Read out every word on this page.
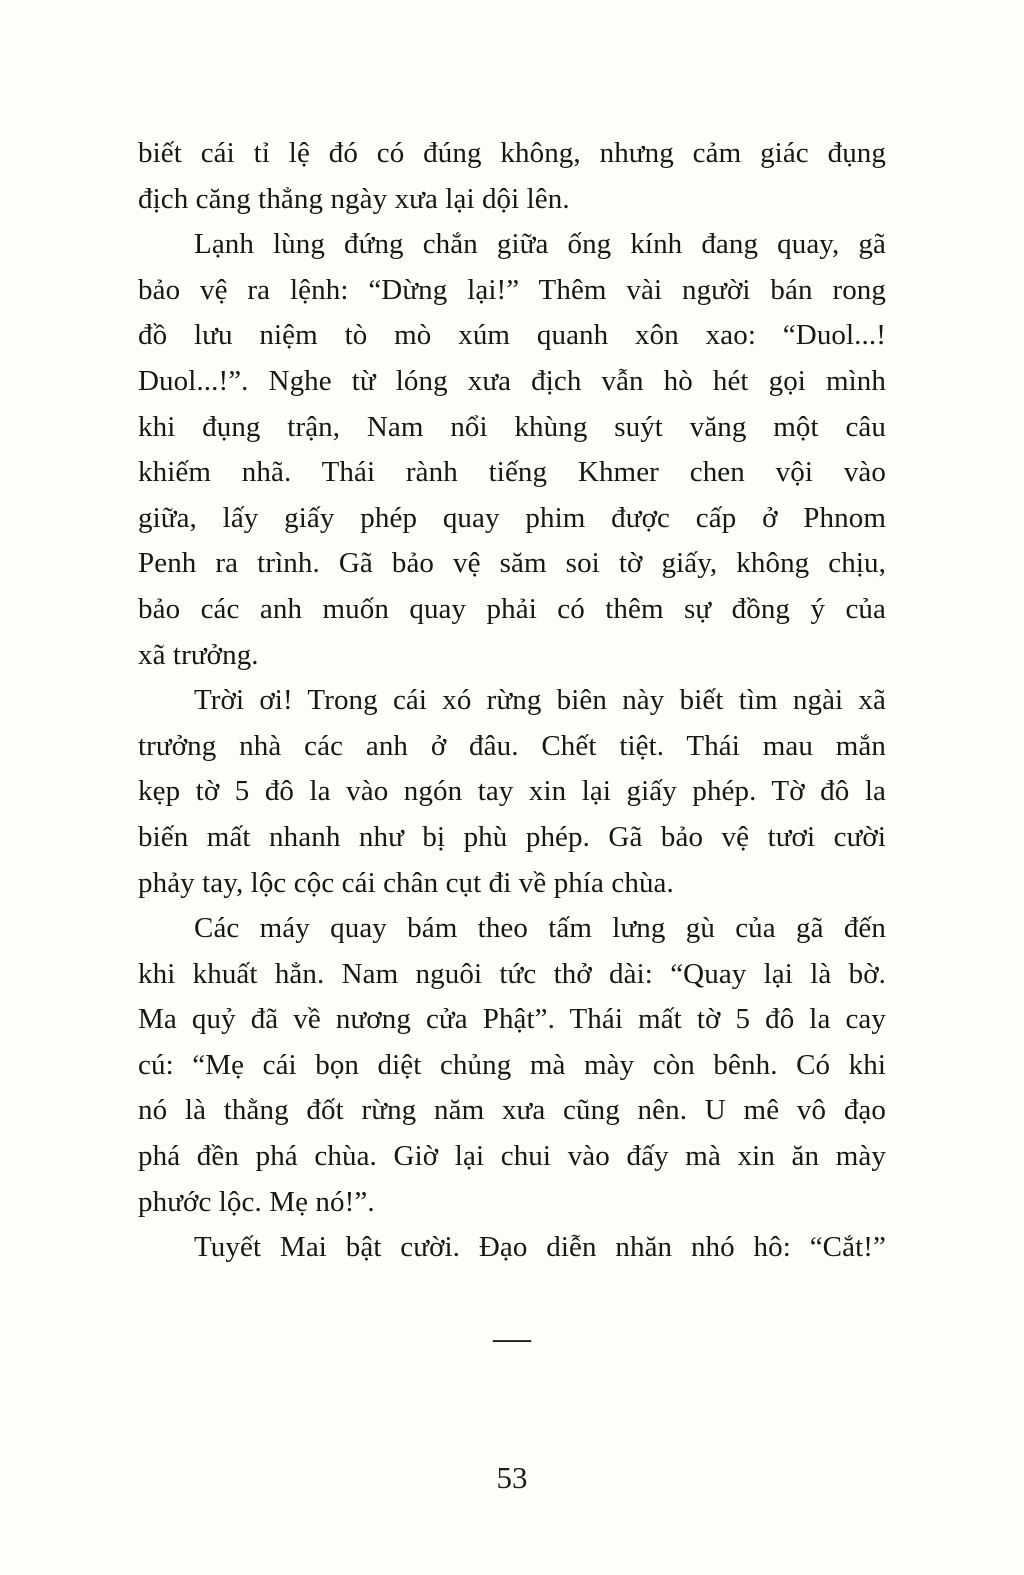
biết cái tỉ lệ đó có đúng không, nhưng cảm giác đụng
địch căng thẳng ngày xưa lại dội lên.
Lạnh lùng đứng chắn giữa ống kính đang quay, gã
bảo vệ ra lệnh: “Dừng lại!” Thêm vài người bán rong
đồ lưu niệm tò mò xúm quanh xôn xao: “Duol...!
Duol...!”. Nghe từ lóng xưa địch vẫn hò hét gọi mình
khi đụng trận, Nam nổi khùng suýt văng một câu
khiếm nhã. Thái rành tiếng Khmer chen vội vào
giữa, lấy giấy phép quay phim được cấp ở Phnom
Penh ra trình. Gã bảo vệ săm soi tờ giấy, không chịu,
bảo các anh muốn quay phải có thêm sự đồng ý của
xã trưởng.
Trời ơi! Trong cái xó rừng biên này biết tìm ngài xã
trưởng nhà các anh ở đâu. Chết tiệt. Thái mau mắn
kẹp tờ 5 đô la vào ngón tay xin lại giấy phép. Tờ đô la
biến mất nhanh như bị phù phép. Gã bảo vệ tươi cười
phảy tay, lộc cộc cái chân cụt đi về phía chùa.
Các máy quay bám theo tấm lưng gù của gã đến
khi khuất hẳn. Nam nguôi tức thở dài: “Quay lại là bờ.
Ma quỷ đã về nương cửa Phật”. Thái mất tờ 5 đô la cay
cú: “Mẹ cái bọn diệt chủng mà mày còn bênh. Có khi
nó là thằng đốt rừng năm xưa cũng nên. U mê vô đạo
phá đền phá chùa. Giờ lại chui vào đấy mà xin ăn mày
phước lộc. Mẹ nó!”.
Tuyết Mai bật cười. Đạo diễn nhăn nhó hô: “Cắt!”
—
53
